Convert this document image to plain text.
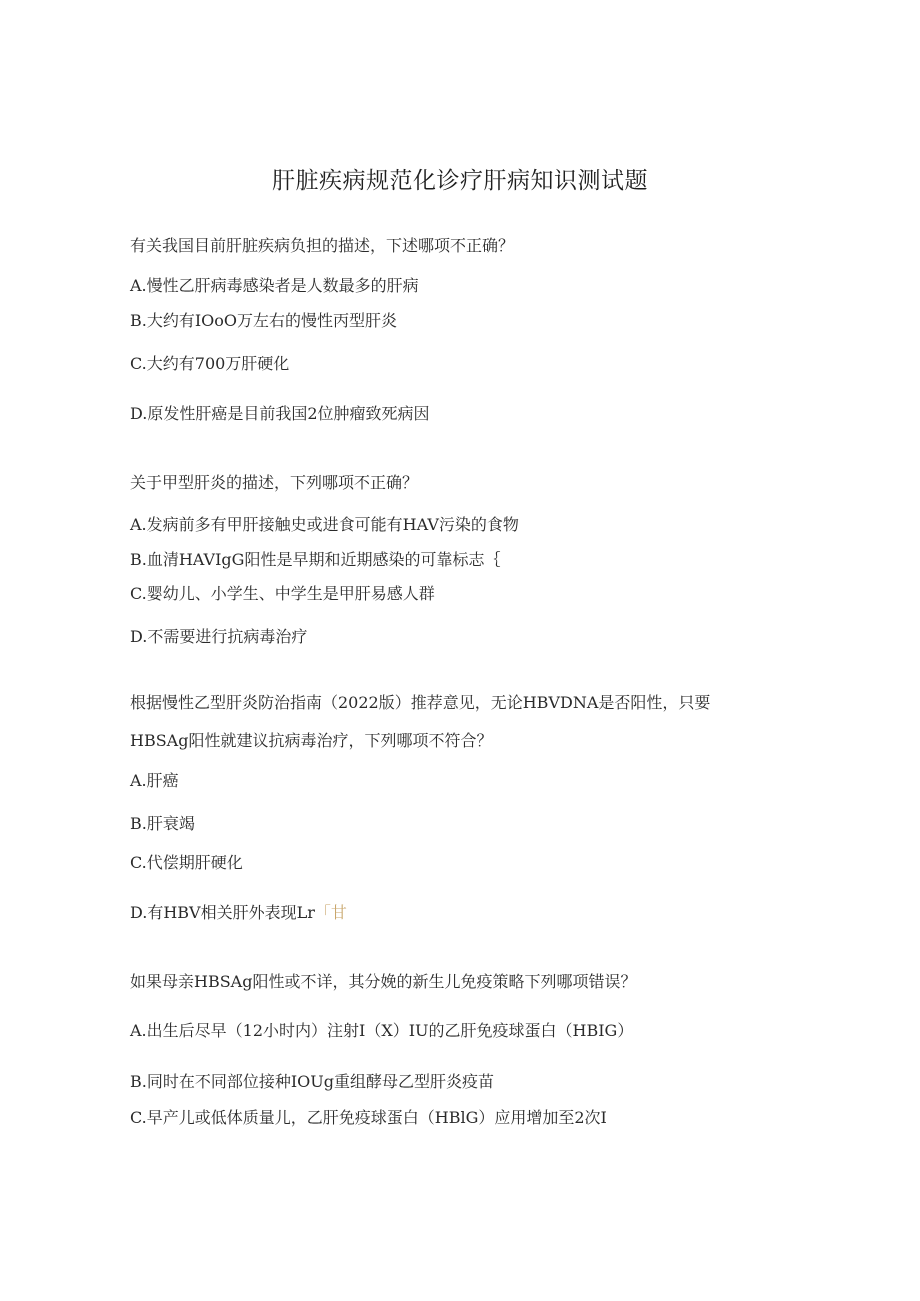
肝脏疾病规范化诊疗肝病知识测试题
有关我国目前肝脏疾病负担的描述，下述哪项不正确？
A.慢性乙肝病毒感染者是人数最多的肝病
B.大约有IOoO万左右的慢性丙型肝炎
C.大约有700万肝硬化
D.原发性肝癌是目前我国2位肿瘤致死病因
关于甲型肝炎的描述，下列哪项不正确？
A.发病前多有甲肝接触史或进食可能有HAV污染的食物
B.血清HAVIgG阳性是早期和近期感染的可靠标志｛
C.婴幼儿、小学生、中学生是甲肝易感人群
D.不需要进行抗病毒治疗
根据慢性乙型肝炎防治指南（2022版）推荐意见，无论HBVDNA是否阳性，只要
HBSAg阳性就建议抗病毒治疗，下列哪项不符合？
A.肝癌
B.肝衰竭
C.代偿期肝硬化
D.有HBV相关肝外表现Lr「甘
如果母亲HBSAg阳性或不详，其分娩的新生儿免疫策略下列哪项错误？
A.出生后尽早（12小时内）注射I（X）IU的乙肝免疫球蛋白（HBIG）
B.同时在不同部位接种IOUg重组酵母乙型肝炎疫苗
C.早产儿或低体质量儿，乙肝免疫球蛋白（HBlG）应用增加至2次I
